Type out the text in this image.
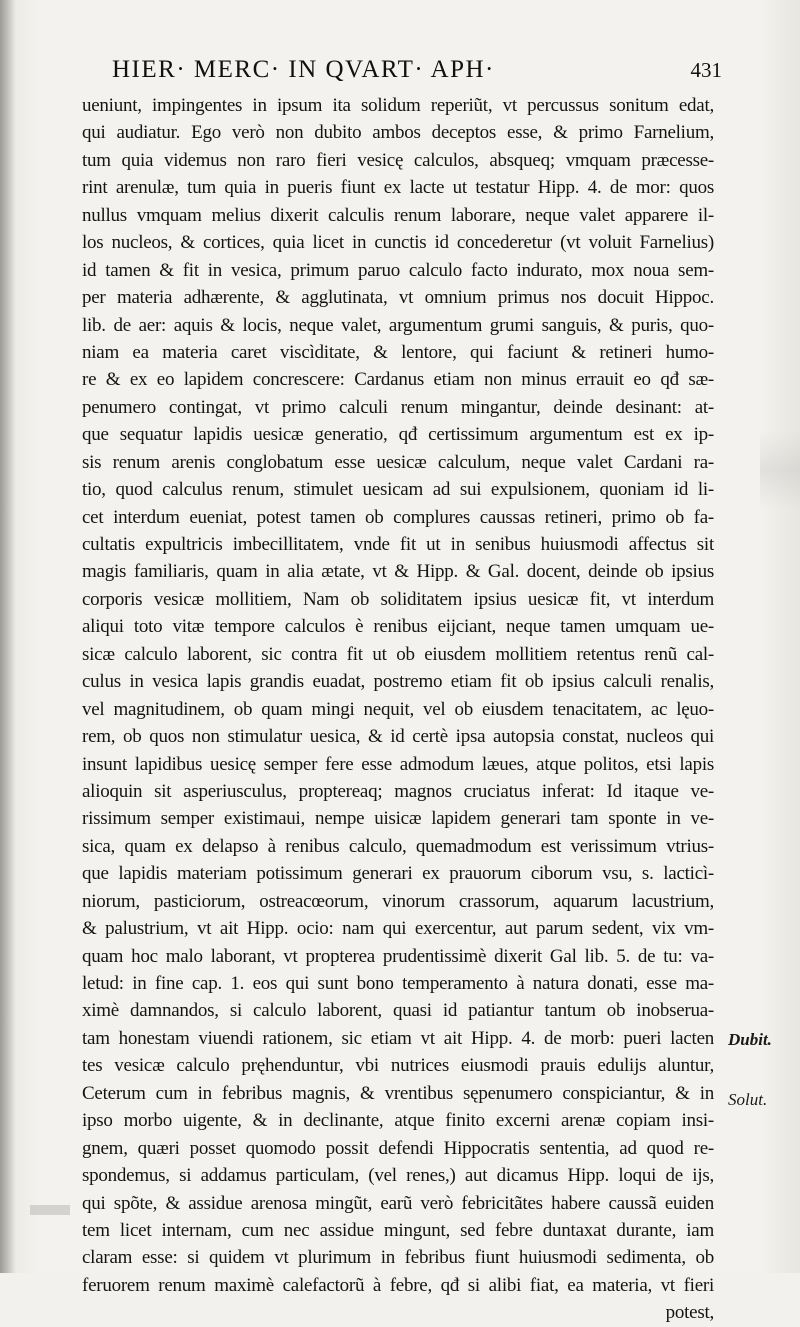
HIER· MERC· IN QVART· APH·	431
ueniunt, impingentes in ipsum ita solidum reperiũt, vt percussus sonitum edat,
qui audiatur. Ego verò non dubito ambos deceptos esse, & primo Farnelium,
tum quia videmus non raro fieri vesicę calculos, absqueq; vmquam præcesse-
rint arenulæ, tum quia in pueris fiunt ex lacte ut testatur Hipp. 4. de mor: quos
nullus vmquam melius dixerit calculis renum laborare, neque valet apparere il-
los nucleos, & cortices, quia licet in cunctis id concederetur (vt voluit Farnelius)
id tamen & fit in vesica, primum paruo calculo facto indurato, mox noua sem-
per materia adhærente, & agglutinata, vt omnium primus nos docuit Hippoc.
lib. de aer: aquis & locis, neque valet, argumentum grumi sanguis, & puris, quo-
niam ea materia caret viscìditate, & lentore, qui faciunt & retineri humo-
re & ex eo lapidem concrescere: Cardanus etiam non minus errauit eo qđ sæ-
penumero contingat, vt primo calculi renum mingantur, deinde desinant: at-
que sequatur lapidis uesicæ generatio, qđ certissimum argumentum est ex ip-
sis renum arenis conglobatum esse uesicæ calculum, neque valet Cardani ra-
tio, quod calculus renum, stimulet uesicam ad sui expulsionem, quoniam id li-
cet interdum eueniat, potest tamen ob complures caussas retineri, primo ob fa-
cultatis expultricis imbecillitatem, vnde fit ut in senibus huiusmodi affectus sit
magis familiaris, quam in alia ætate, vt & Hipp. & Gal. docent, deinde ob ipsius
corporis vesicæ mollitiem, Nam ob soliditatem ipsius uesicæ fit, vt interdum
aliqui toto vitæ tempore calculos è renibus eijciant, neque tamen umquam ue-
sicæ calculo laborent, sic contra fit ut ob eiusdem mollitiem retentus renũ cal-
culus in vesica lapis grandis euadat, postremo etiam fit ob ipsius calculi renalis,
vel magnitudinem, ob quam mingi nequit, vel ob eiusdem tenacitatem, ac lęuo-
rem, ob quos non stimulatur uesica, & id certè ipsa autopsia constat, nucleos qui
insunt lapidibus uesicę semper fere esse admodum læues, atque politos, etsi lapis
alioquin sit asperiusculus, proptereaq; magnos cruciatus inferat: Id itaque ve-
rissimum semper existimaui, nempe uisicæ lapidem generari tam sponte in ve-
sica, quam ex delapso à renibus calculo, quemadmodum est verissimum vtrius-
que lapidis materiam potissimum generari ex prauorum ciborum vsu, s. lacticì-
niorum, pasticiorum, ostreacœorum, vinorum crassorum, aquarum lacustrium,
& palustrium, vt ait Hipp. ocio: nam qui exercentur, aut parum sedent, vix vm-
quam hoc malo laborant, vt propterea prudentissimè dixerit Gal lib. 5. de tu: va-
letud: in fine cap. 1. eos qui sunt bono temperamento à natura donati, esse ma-
ximè damnandos, si calculo laborent, quasi id patiantur tantum ob inobseruа-
tam honestam viuendi rationem, sic etiam vt ait Hipp. 4. de morb: pueri lacten
tes vesicæ calculo pręhenduntur, vbi nutrices eiusmodi prauis edulijs aluntur,
Ceterum cum in febribus magnis, & vrentibus sępenumero conspiciantur, & in
ipso morbo uigente, & in declinante, atque finito excerni arenæ copiam insi-
gnem, quæri posset quomodo possit defendi Hippocratis sententia, ad quod re-
spondemus, si addamus particulam, (vel renes,) aut dicamus Hipp. loqui de ijs,
qui spõte, & assidue arenosa mingũt, earũ verò febricitãtes habere caussã euiden
tem licet internam, cum nec assidue mingunt, sed febre duntaxat durante, iam
claram esse: si quidem vt plurimum in febribus fiunt huiusmodi sedimenta, ob
feruorem renum maximè calefactorũ à febre, qđ si alibi fiat, ea materia, vt fieri
potest,
Dubit.
Solut.
